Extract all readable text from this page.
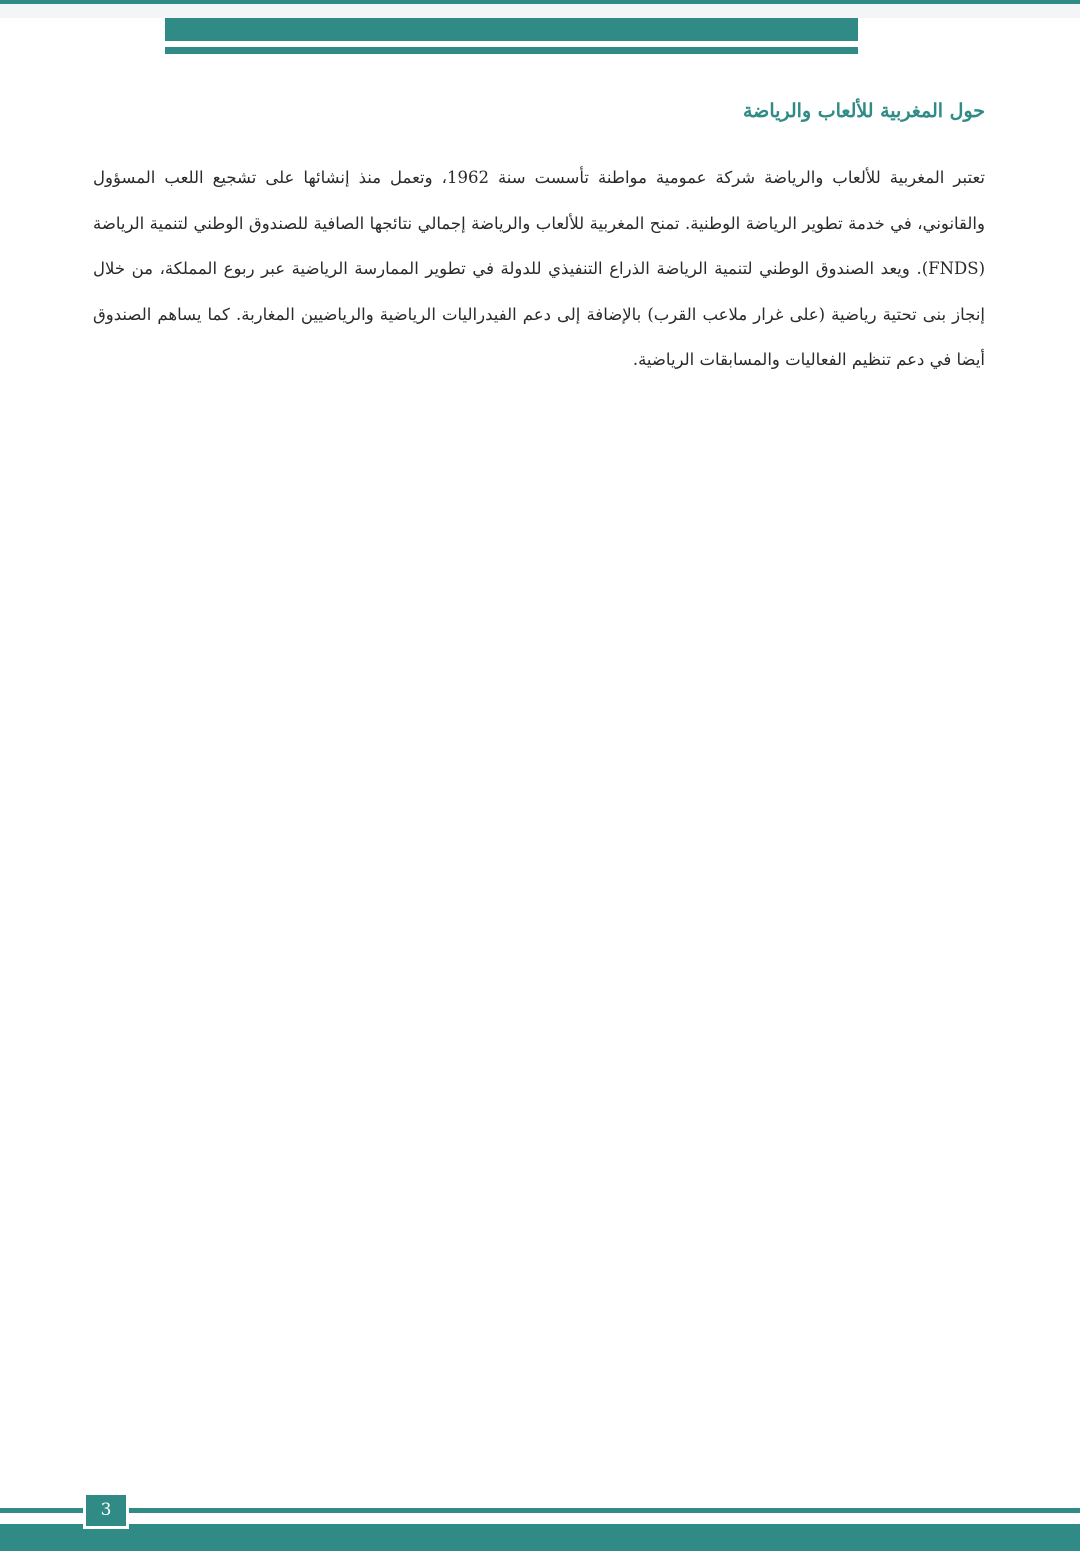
حول المغربية للألعاب والرياضة

تعتبر المغربية للألعاب والرياضة شركة عمومية مواطنة تأسست سنة 1962، وتعمل منذ إنشائها على تشجيع اللعب المسؤول والقانوني، في خدمة تطوير الرياضة الوطنية. تمنح المغربية للألعاب والرياضة إجمالي نتائجها الصافية للصندوق الوطني لتنمية الرياضة (FNDS). ويعد الصندوق الوطني لتنمية الرياضة الذراع التنفيذي للدولة في تطوير الممارسة الرياضية عبر ربوع المملكة، من خلال إنجاز بنى تحتية رياضية (على غرار ملاعب القرب) بالإضافة إلى دعم الفيدراليات الرياضية والرياضيين المغاربة. كما يساهم الصندوق أيضا في دعم تنظيم الفعاليات والمسابقات الرياضية.

3
